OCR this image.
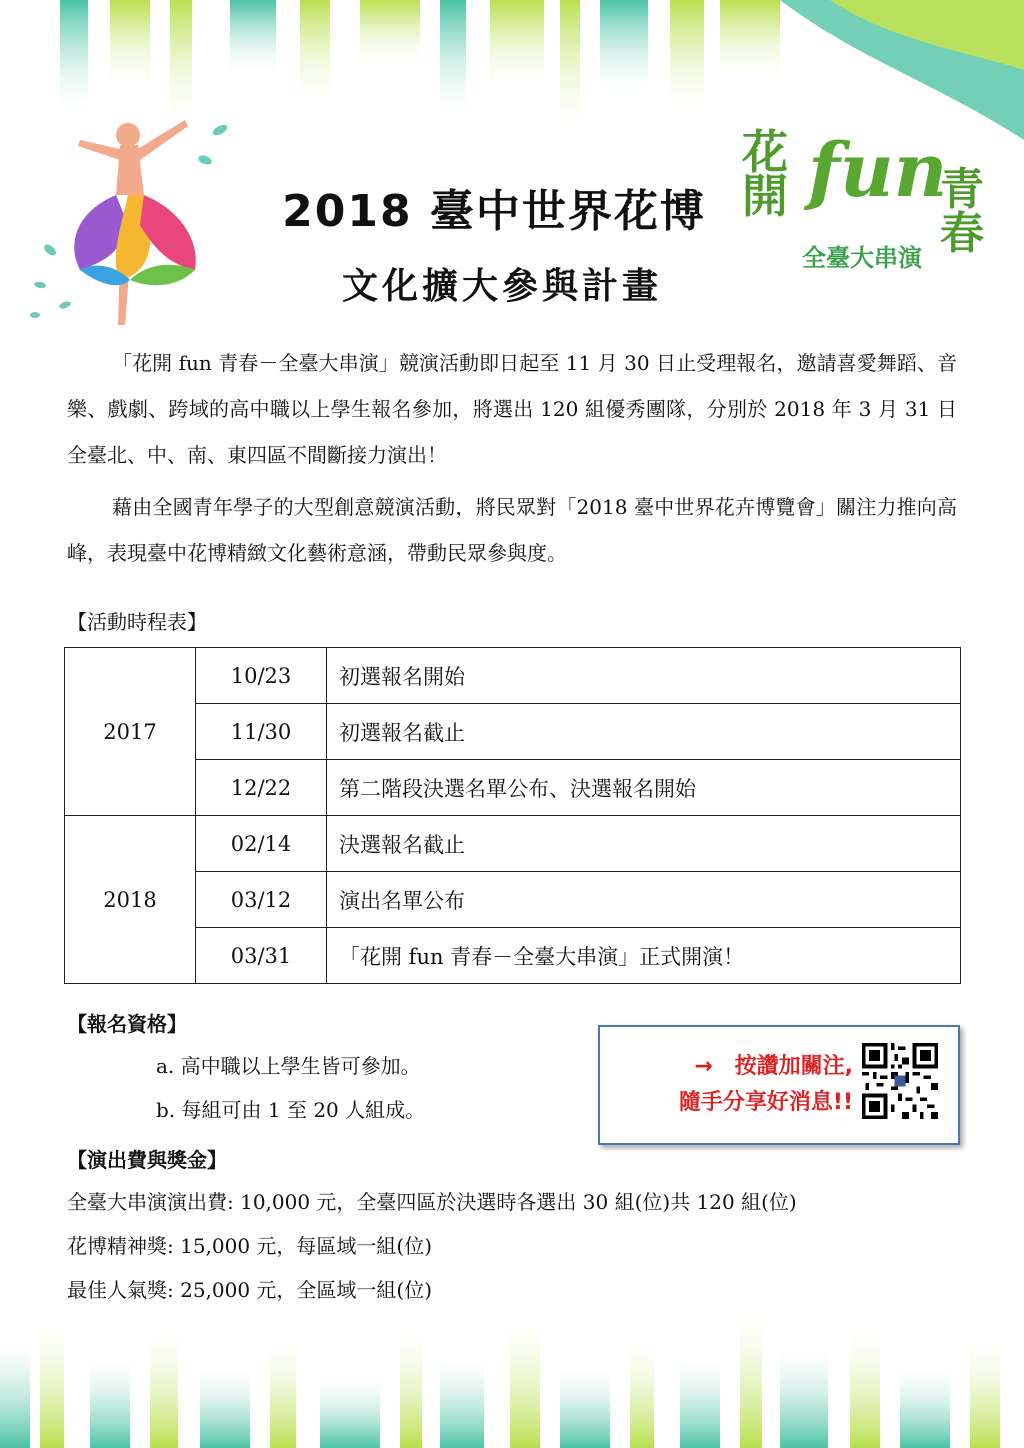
2018 臺中世界花博
文化擴大參與計畫
花開 fun
青春
全臺大串演
「花開 fun 青春－全臺大串演」競演活動即日起至 11 月 30 日止受理報名，邀請喜愛舞蹈、音樂、戲劇、跨域的高中職以上學生報名參加，將選出 120 組優秀團隊，分別於 2018 年 3 月 31 日全臺北、中、南、東四區不間斷接力演出！
藉由全國青年學子的大型創意競演活動，將民眾對「2018 臺中世界花卉博覽會」關注力推向高峰，表現臺中花博精緻文化藝術意涵，帶動民眾參與度。
【活動時程表】
2017	10/23	初選報名開始
	11/30	初選報名截止
	12/22	第二階段決選名單公布、決選報名開始
2018	02/14	決選報名截止
	03/12	演出名單公布
	03/31	「花開 fun 青春－全臺大串演」正式開演！
【報名資格】
a. 高中職以上學生皆可參加。
b. 每組可由 1 至 20 人組成。
→　按讚加關注,
隨手分享好消息!!
【演出費與獎金】
全臺大串演演出費: 10,000 元，全臺四區於決選時各選出 30 組(位)共 120 組(位)
花博精神獎: 15,000 元，每區域一組(位)
最佳人氣獎: 25,000 元，全區域一組(位)
